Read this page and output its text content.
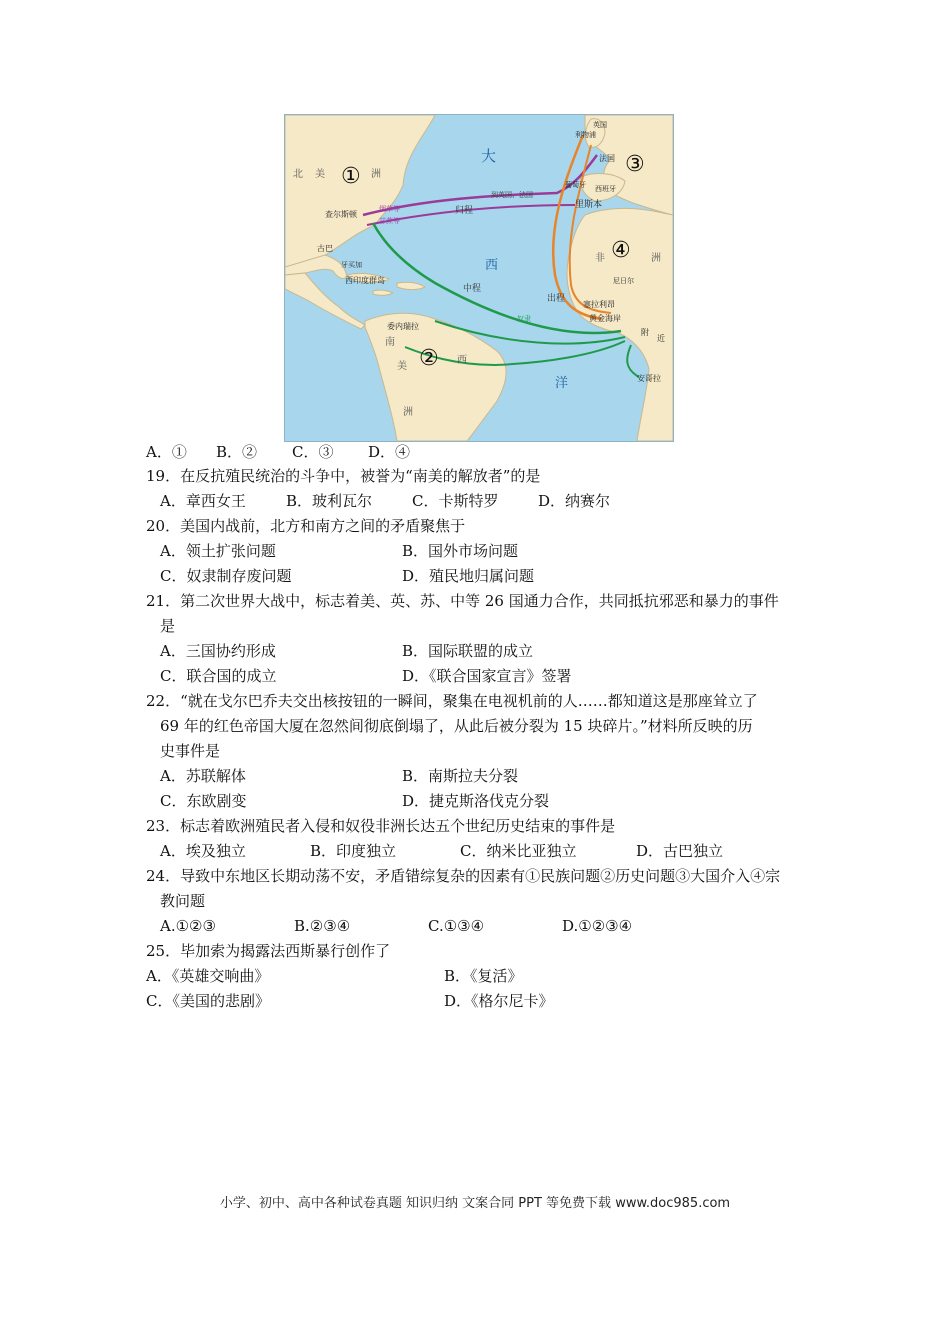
①
②
③
④
大
西
洋
北 美	洲
南
美
洲
非	洲
西
查尔斯顿
古巴
牙买加
西印度群岛
委内瑞拉
英国
利物浦
法国
葡萄牙 西班牙
里斯本
塞拉利昂
黄金海岸
安哥拉
附
近
尼日尔
归程
中程
出程
烟草等
甘蔗等
到英国、法国
奴隶
A．① B．② C．③ D．④
19．在反抗殖民统治的斗争中，被誉为“南美的解放者”的是
A．章西女王	B．玻利瓦尔	C．卡斯特罗	D．纳赛尔
20．美国内战前，北方和南方之间的矛盾聚焦于
A．领土扩张问题	B．国外市场问题
C．奴隶制存废问题	D．殖民地归属问题
21．第二次世界大战中，标志着美、英、苏、中等 26 国通力合作，共同抵抗邪恶和暴力的事件
是
A．三国协约形成	B．国际联盟的成立
C．联合国的成立	D．《联合国家宣言》签署
22．“就在戈尔巴乔夫交出核按钮的一瞬间，聚集在电视机前的人……都知道这是那座耸立了
69 年的红色帝国大厦在忽然间彻底倒塌了，从此后被分裂为 15 块碎片。”材料所反映的历
史事件是
A．苏联解体	B．南斯拉夫分裂
C．东欧剧变	D．捷克斯洛伐克分裂
23．标志着欧洲殖民者入侵和奴役非洲长达五个世纪历史结束的事件是
A．埃及独立	B．印度独立	C．纳米比亚独立	D．古巴独立
24．导致中东地区长期动荡不安，矛盾错综复杂的因素有①民族问题②历史问题③大国介入④宗
教问题
A.①②③	B.②③④	C.①③④	D.①②③④
25．毕加索为揭露法西斯暴行创作了
A．《英雄交响曲》	B．《复活》
C．《美国的悲剧》	D．《格尔尼卡》
小学、初中、高中各种试卷真题 知识归纳 文案合同 PPT 等免费下载 www.doc985.com
